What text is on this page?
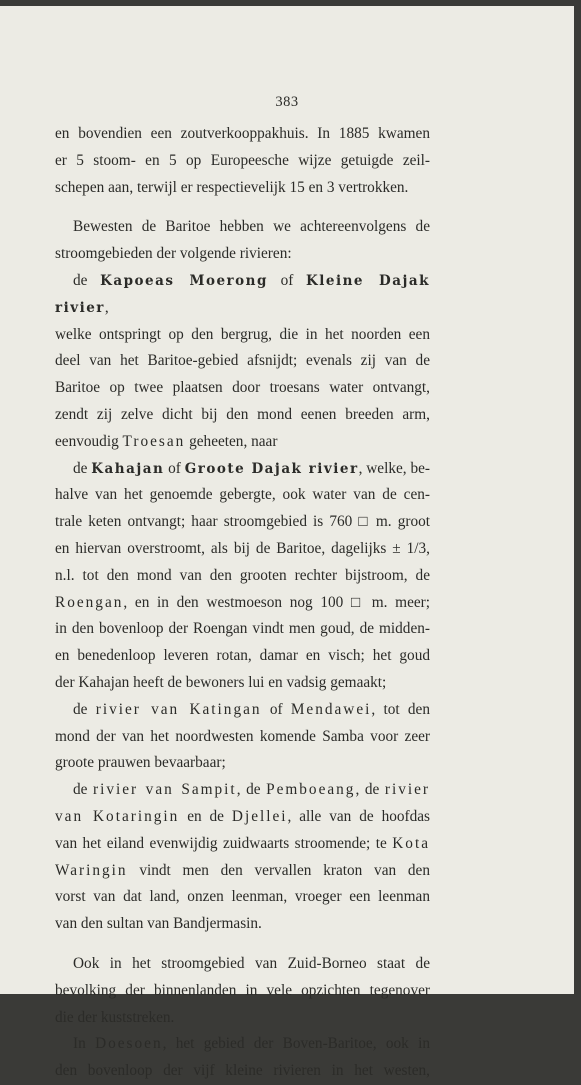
383

en bovendien een zoutverkooppakhuis. In 1885 kwamen

er 5 stoom- en 5 op Europeesche wijze getuigde zeil-

schepen aan, terwijl er respectievelijk 15 en 3 vertrokken.

Bewesten de Baritoe hebben we achtereenvolgens de

stroomgebieden der volgende rivieren:

de Kapoeas Moerong of Kleine Dajak rivier,

welke ontspringt op den bergrug, die in het noorden een

deel van het Baritoe-gebied afsnijdt; evenals zij van de

Baritoe op twee plaatsen door troesans water ontvangt,

zendt zij zelve dicht bij den mond eenen breeden arm,

eenvoudig Troesan geheeten, naar

de Kahajan of Groote Dajak rivier, welke, be-

halve van het genoemde gebergte, ook water van de cen-

trale keten ontvangt; haar stroomgebied is 760 □ m. groot

en hiervan overstroomt, als bij de Baritoe, dagelijks ± 1/3,

n.l. tot den mond van den grooten rechter bijstroom, de

Roengan, en in den westmoeson nog 100 □ m. meer;

in den bovenloop der Roengan vindt men goud, de midden-

en benedenloop leveren rotan, damar en visch; het goud

der Kahajan heeft de bewoners lui en vadsig gemaakt;

de rivier van Katingan of Mendawei, tot den

mond der van het noordwesten komende Samba voor zeer

groote prauwen bevaarbaar;

de rivier van Sampit, de Pemboeang, de rivier

van Kotaringin en de Djellei, alle van de hoofdas

van het eiland evenwijdig zuidwaarts stroomende; te Kota

Waringin vindt men den vervallen kraton van den

vorst van dat land, onzen leenman, vroeger een leenman

van den sultan van Bandjermasin.

Ook in het stroomgebied van Zuid-Borneo staat de

bevolking der binnenlanden in vele opzichten tegenover

die der kuststreken.

In Doesoen, het gebied der Boven-Baritoe, ook in

den bovenloop der vijf kleine rivieren in het westen,
